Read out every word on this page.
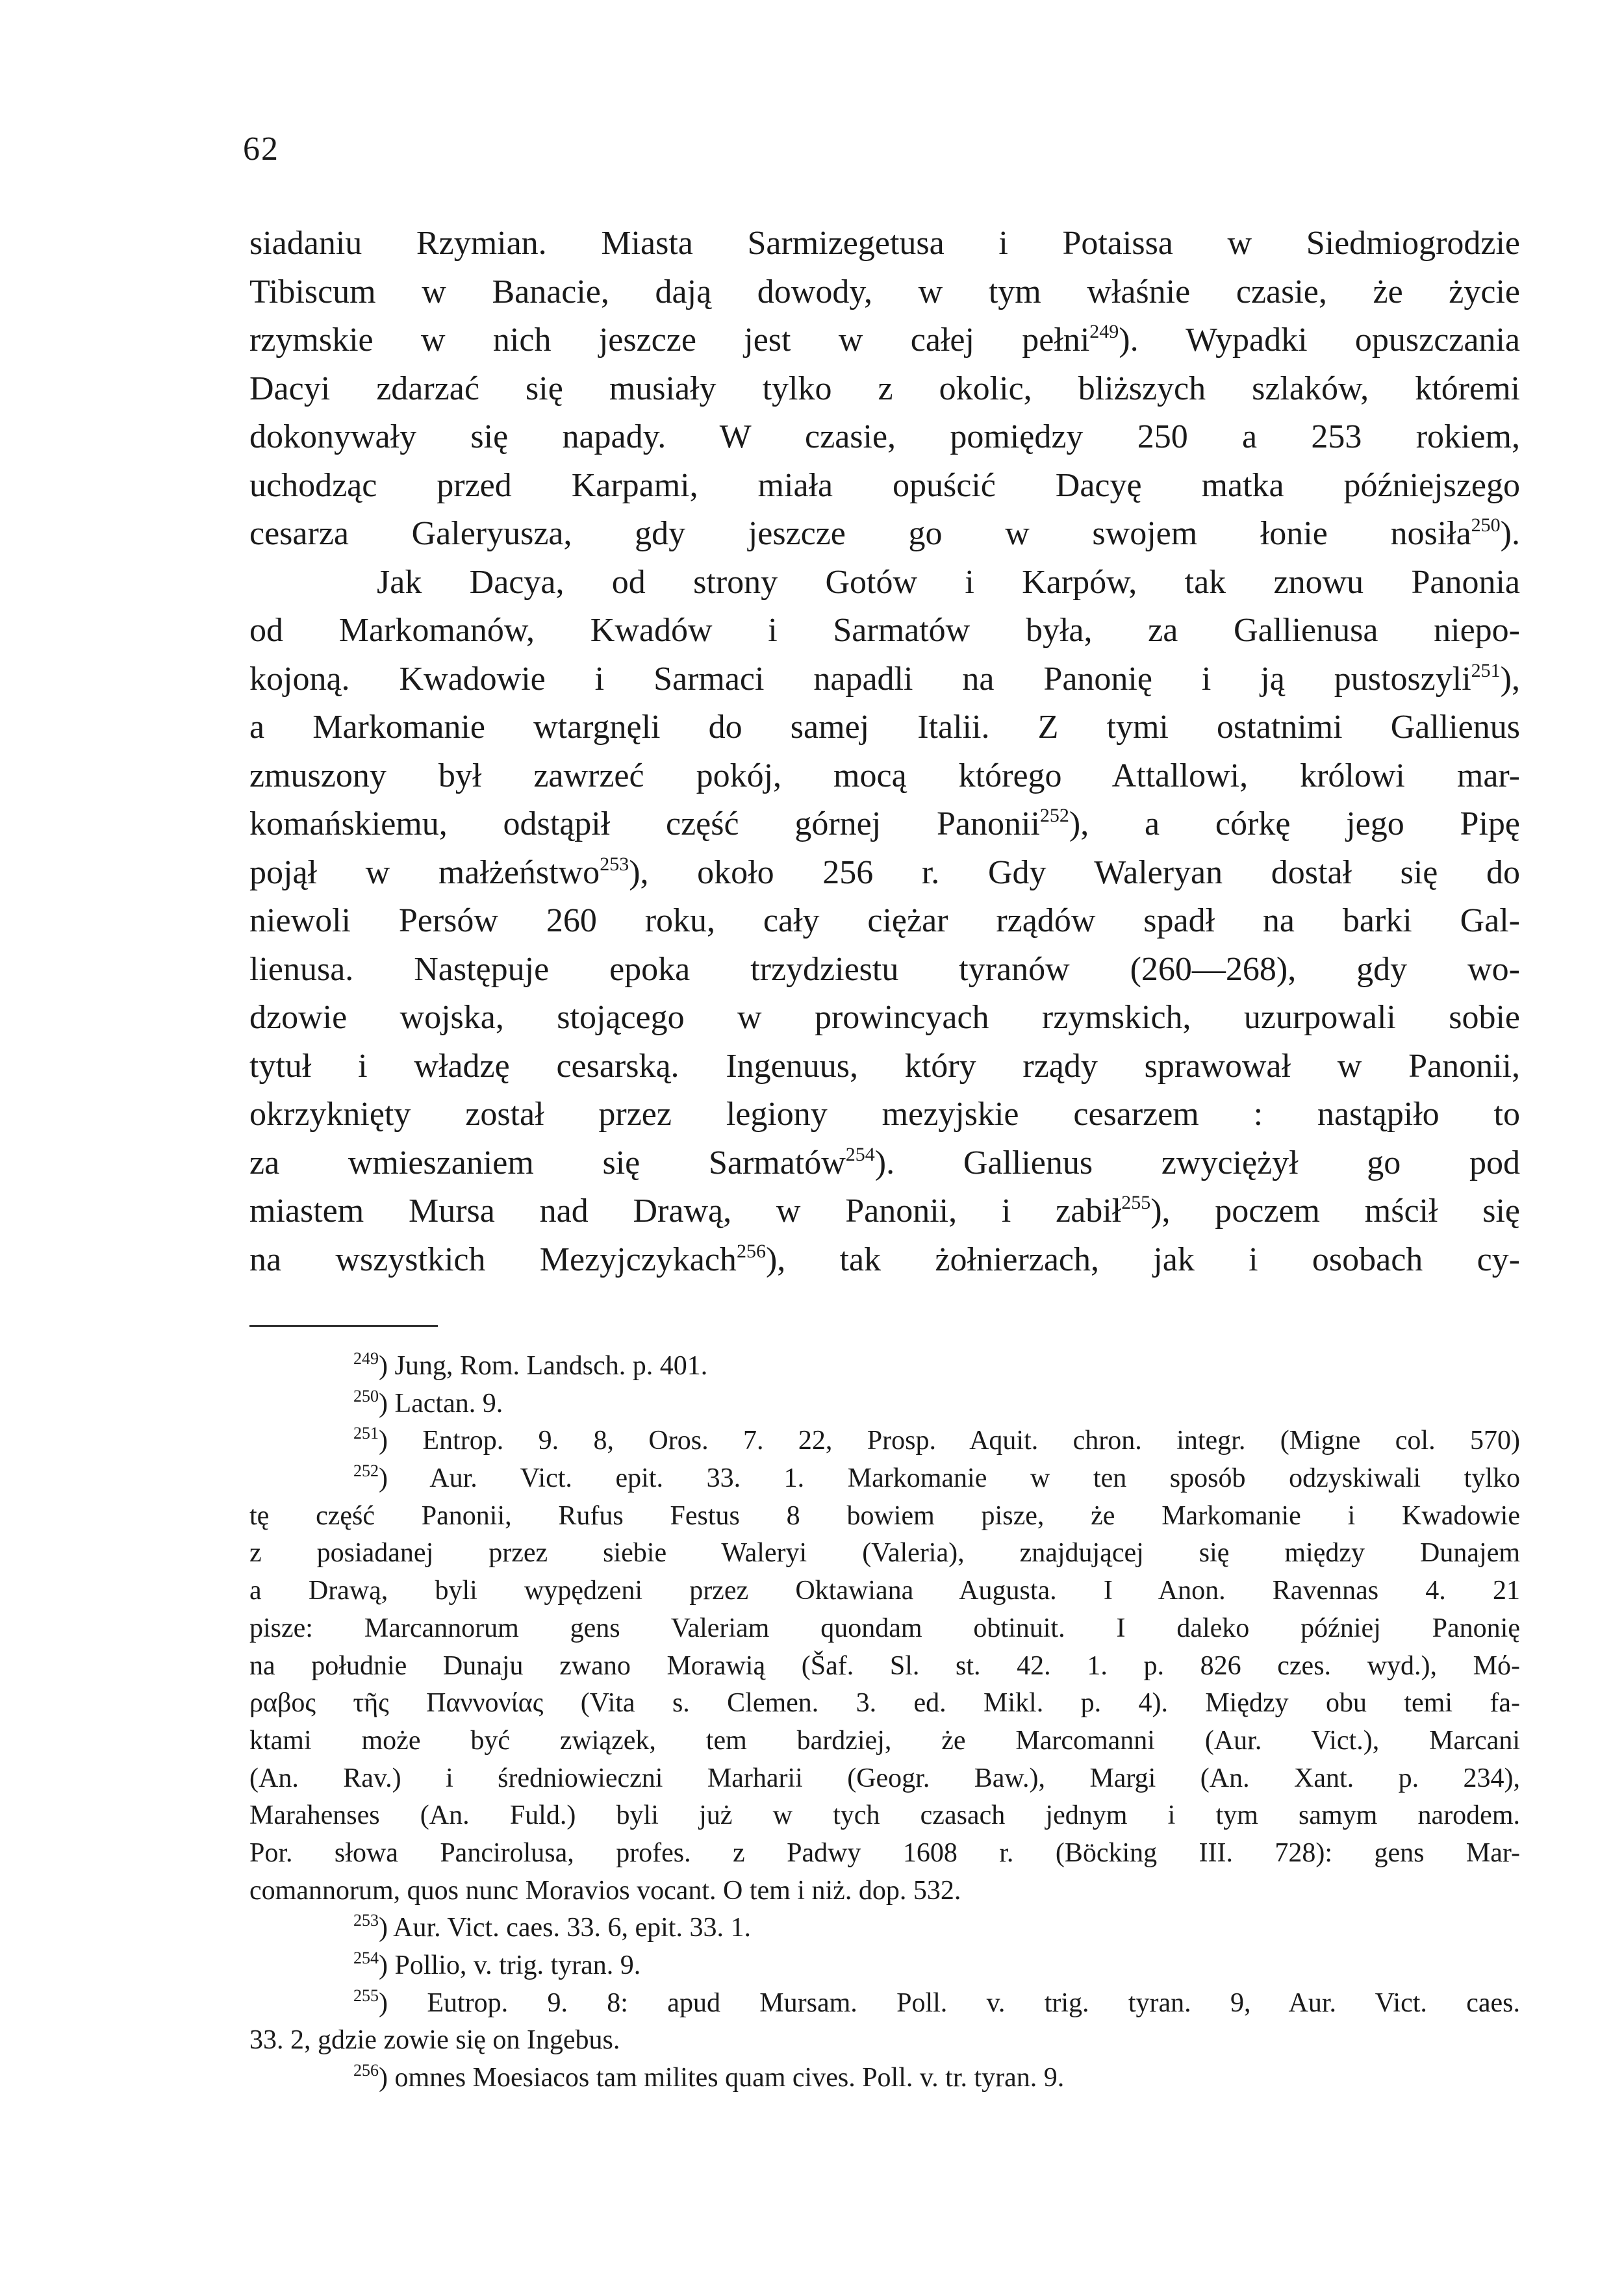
62
siadaniu Rzymian. Miasta Sarmizegetusa i Potaissa w Siedmiogrodzie
Tibiscum w Banacie, dają dowody, w tym właśnie czasie, że życie
rzymskie w nich jeszcze jest w całej pełni$^{249}$). Wypadki opuszczania
Dacyi zdarzać się musiały tylko z okolic, bliższych szlaków, któremi
dokonywały się napady. W czasie, pomiędzy 250 a 253 rokiem,
uchodząc przed Karpami, miała opuścić Dacyę matka późniejszego
cesarza Galeryusza, gdy jeszcze go w swojem łonie nosiła$^{250}$).
Jak Dacya, od strony Gotów i Karpów, tak znowu Panonia
od Markomanów, Kwadów i Sarmatów była, za Gallienusa niepo-
kojoną. Kwadowie i Sarmaci napadli na Panonię i ją pustoszyli$^{251}$),
a Markomanie wtargnęli do samej Italii. Z tymi ostatnimi Gallienus
zmuszony był zawrzeć pokój, mocą którego Attallowi, królowi mar-
komańskiemu, odstąpił część górnej Panonii$^{252}$), a córkę jego Pipę
pojął w małżeństwo$^{253}$), około 256 r. Gdy Waleryan dostał się do
niewoli Persów 260 roku, cały ciężar rządów spadł na barki Gal-
lienusa. Następuje epoka trzydziestu tyranów (260—268), gdy wo-
dzowie wojska, stojącego w prowincyach rzymskich, uzurpowali sobie
tytuł i władzę cesarską. Ingenuus, który rządy sprawował w Panonii,
okrzyknięty został przez legiony mezyjskie cesarzem : nastąpiło to
za wmieszaniem się Sarmatów$^{254}$). Gallienus zwyciężył go pod
miastem Mursa nad Drawą, w Panonii, i zabił$^{255}$), poczem mścił się
na wszystkich Mezyjczykach$^{256}$), tak żołnierzach, jak i osobach cy-
$^{249}$) Jung, Rom. Landsch. p. 401.
$^{250}$) Lactan. 9.
$^{251}$) Entrop. 9. 8, Oros. 7. 22, Prosp. Aquit. chron. integr. (Migne col. 570)
$^{252}$) Aur. Vict. epit. 33. 1. Markomanie w ten sposób odzyskiwali tylko
tę część Panonii, Rufus Festus 8 bowiem pisze, że Markomanie i Kwadowie
z posiadanej przez siebie Waleryi (Valeria), znajdującej się między Dunajem
a Drawą, byli wypędzeni przez Oktawiana Augusta. I Anon. Ravennas 4. 21
pisze: Marcannorum gens Valeriam quondam obtinuit. I daleko później Panonię
na południe Dunaju zwano Morawią (Šaf. Sl. st. 42. 1. p. 826 czes. wyd.), Μό-
ραβος τῆς Παννονίας (Vita s. Clemen. 3. ed. Mikl. p. 4). Między obu temi fa-
ktami może być związek, tem bardziej, że Marcomanni (Aur. Vict.), Marcani
(An. Rav.) i średniowieczni Marharii (Geogr. Baw.), Margi (An. Xant. p. 234),
Marahenses (An. Fuld.) byli już w tych czasach jednym i tym samym narodem.
Por. słowa Pancirolusa, profes. z Padwy 1608 r. (Böcking III. 728): gens Mar-
comannorum, quos nunc Moravios vocant. O tem i niż. dop. 532.
$^{253}$) Aur. Vict. caes. 33. 6, epit. 33. 1.
$^{254}$) Pollio, v. trig. tyran. 9.
$^{255}$) Eutrop. 9. 8: apud Mursam. Poll. v. trig. tyran. 9, Aur. Vict. caes.
33. 2, gdzie zowie się on Ingebus.
$^{256}$) omnes Moesiacos tam milites quam cives. Poll. v. tr. tyran. 9.
